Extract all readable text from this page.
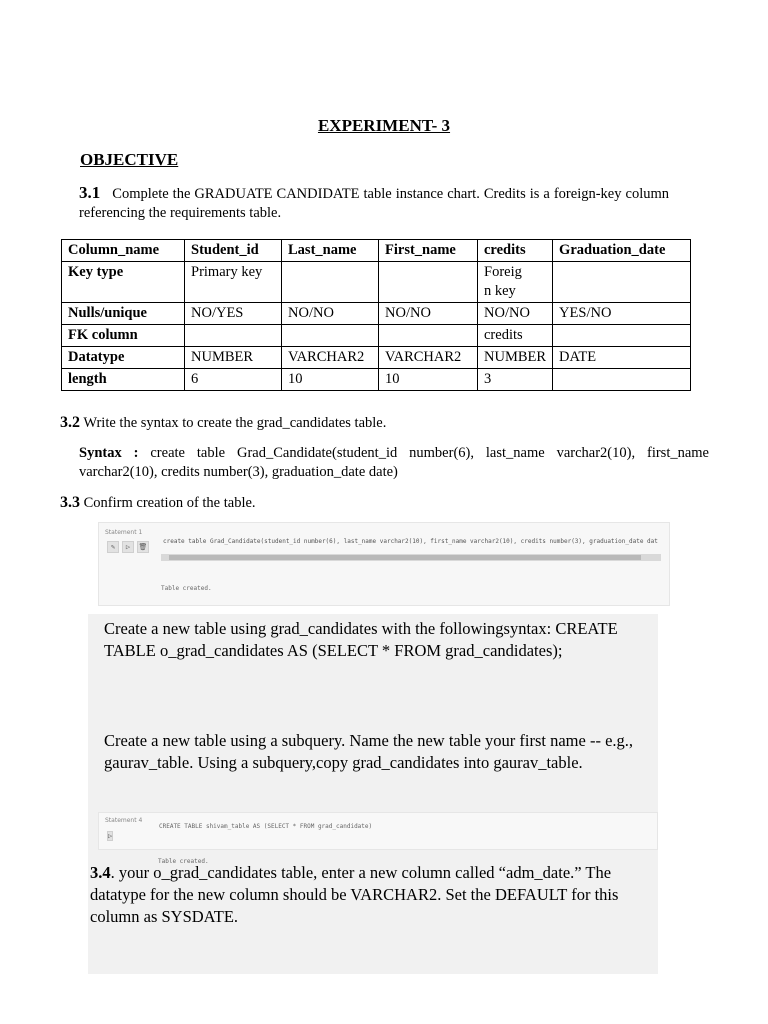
EXPERIMENT- 3
OBJECTIVE
3.1 Complete the GRADUATE CANDIDATE table instance chart. Credits is a foreign-key column referencing the requirements table.
Column_name	Student_id	Last_name	First_name	credits	Graduation_date
Key type	Primary key			Foreig
n key	
Nulls/unique	NO/YES	NO/NO	NO/NO	NO/NO	YES/NO
FK column				credits	
Datatype	NUMBER	VARCHAR2	VARCHAR2	NUMBER	DATE
length	6	10	10	3	
3.2 Write the syntax to create the grad_candidates table.
Syntax : create table Grad_Candidate(student_id number(6), last_name varchar2(10), first_name varchar2(10), credits number(3), graduation_date date)
3.3 Confirm creation of the table.
Statement 1
✎	▷	🗑
create table Grad_Candidate(student_id number(6), last_name varchar2(10), first_name varchar2(10), credits number(3), graduation_date dat
Table created.
Create a new table using grad_candidates with the followingsyntax: CREATE TABLE o_grad_candidates AS (SELECT * FROM grad_candidates);
Create a new table using a subquery. Name the new table your first name -- e.g., gaurav_table. Using a subquery,copy grad_candidates into gaurav_table.
Statement 4
▷
CREATE TABLE shivam_table AS (SELECT * FROM grad_candidate)
Table created.
3.4. your o_grad_candidates table, enter a new column called “adm_date.” The datatype for the new column should be VARCHAR2. Set the DEFAULT for this column as SYSDATE.
